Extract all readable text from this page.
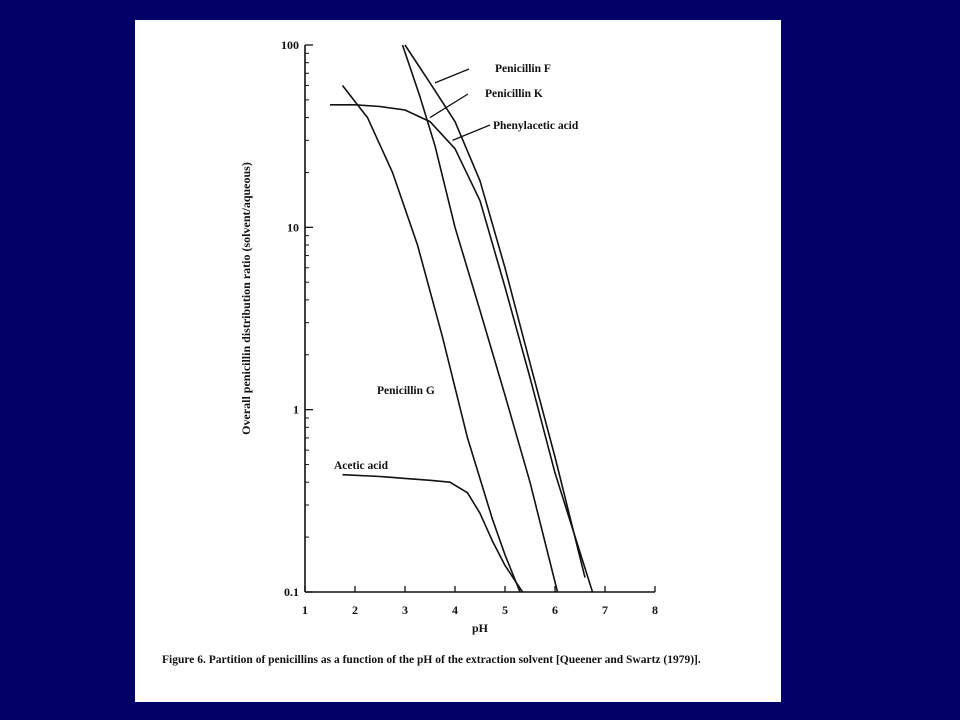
1	2	3	4	5	6	7	8
0.1
1
10
100
pH
Overall penicillin distribution ratio (solvent/aqueous)
Penicillin F
Penicillin K
Phenylacetic acid
Penicillin G
Acetic acid
Figure 6. Partition of penicillins as a function of the pH of the extraction solvent [Queener and Swartz (1979)].
